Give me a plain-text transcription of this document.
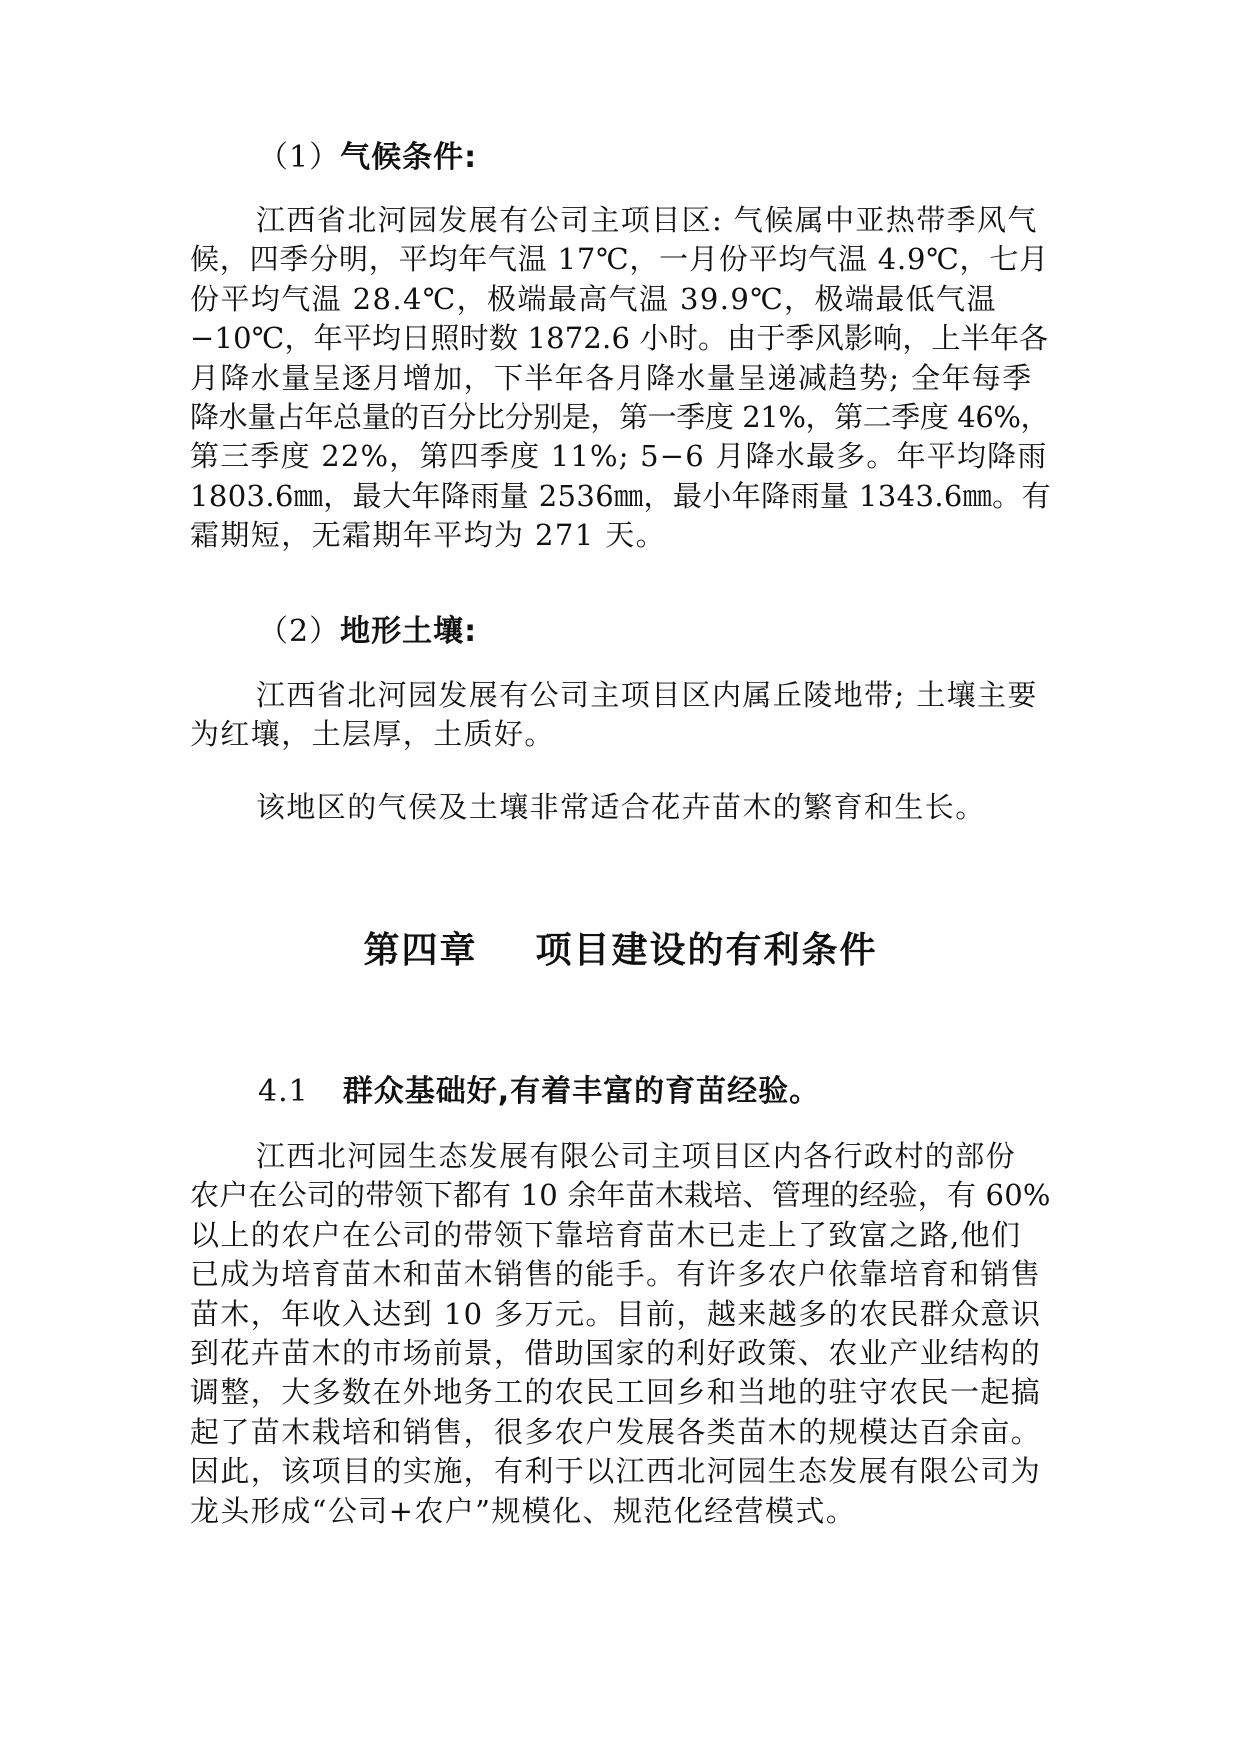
（1）气候条件:
江西省北河园发展有公司主项目区: 气候属中亚热带季风气
候，四季分明，平均年气温 17℃，一月份平均气温 4.9℃，七月
份平均气温 28.4℃，极端最高气温 39.9℃，极端最低气温
−10℃，年平均日照时数 1872.6 小时。由于季风影响，上半年各
月降水量呈逐月增加，下半年各月降水量呈递减趋势; 全年每季
降水量占年总量的百分比分别是，第一季度 21%，第二季度 46%，
第三季度 22%，第四季度 11%; 5−6 月降水最多。年平均降雨
1803.6㎜，最大年降雨量 2536㎜，最小年降雨量 1343.6㎜。有
霜期短，无霜期年平均为 271 天。
（2）地形土壤:
江西省北河园发展有公司主项目区内属丘陵地带; 土壤主要
为红壤，土层厚，土质好。
该地区的气侯及土壤非常适合花卉苗木的繁育和生长。
第四章 项目建设的有利条件
4.1 群众基础好,有着丰富的育苗经验。
江西北河园生态发展有限公司主项目区内各行政村的部份
农户在公司的带领下都有 10 余年苗木栽培、管理的经验，有 60%
以上的农户在公司的带领下靠培育苗木已走上了致富之路,他们
已成为培育苗木和苗木销售的能手。有许多农户依靠培育和销售
苗木，年收入达到 10 多万元。目前，越来越多的农民群众意识
到花卉苗木的市场前景，借助国家的利好政策、农业产业结构的
调整，大多数在外地务工的农民工回乡和当地的驻守农民一起搞
起了苗木栽培和销售，很多农户发展各类苗木的规模达百余亩。
因此，该项目的实施，有利于以江西北河园生态发展有限公司为
龙头形成“公司+农户”规模化、规范化经营模式。
